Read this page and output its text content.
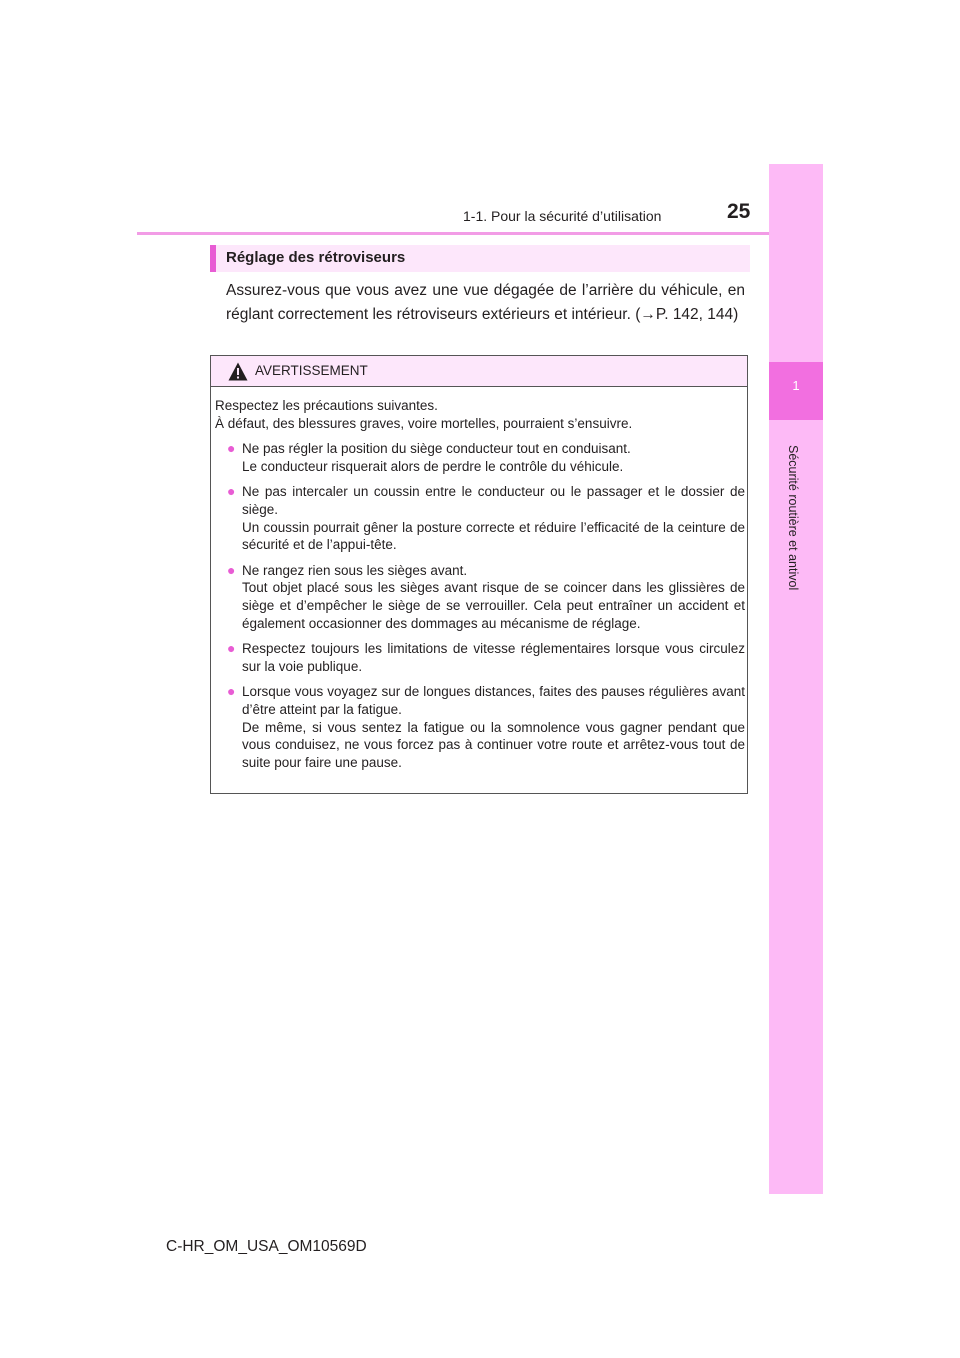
1-1. Pour la sécurité d’utilisation	25
1
Sécurité routière et antivol
Réglage des rétroviseurs
Assurez-vous que vous avez une vue dégagée de l’arrière du véhicule, en réglant correctement les rétroviseurs extérieurs et intérieur. (→P. 142, 144)
AVERTISSEMENT
Respectez les précautions suivantes.
À défaut, des blessures graves, voire mortelles, pourraient s’ensuivre.
● Ne pas régler la position du siège conducteur tout en conduisant.

Le conducteur risquerait alors de perdre le contrôle du véhicule.

● Ne pas intercaler un coussin entre le conducteur ou le passager et le dossier de siège.

Un coussin pourrait gêner la posture correcte et réduire l’efficacité de la ceinture de sécurité et de l’appui-tête.

● Ne rangez rien sous les sièges avant.

Tout objet placé sous les sièges avant risque de se coincer dans les glissières de siège et d’empêcher le siège de se verrouiller. Cela peut entraîner un accident et également occasionner des dommages au mécanisme de réglage.

● Respectez toujours les limitations de vitesse réglementaires lorsque vous circulez sur la voie publique.

● Lorsque vous voyagez sur de longues distances, faites des pauses régulières avant d’être atteint par la fatigue.

De même, si vous sentez la fatigue ou la somnolence vous gagner pendant que vous conduisez, ne vous forcez pas à continuer votre route et arrêtez-vous tout de suite pour faire une pause.

C-HR_OM_USA_OM10569D
